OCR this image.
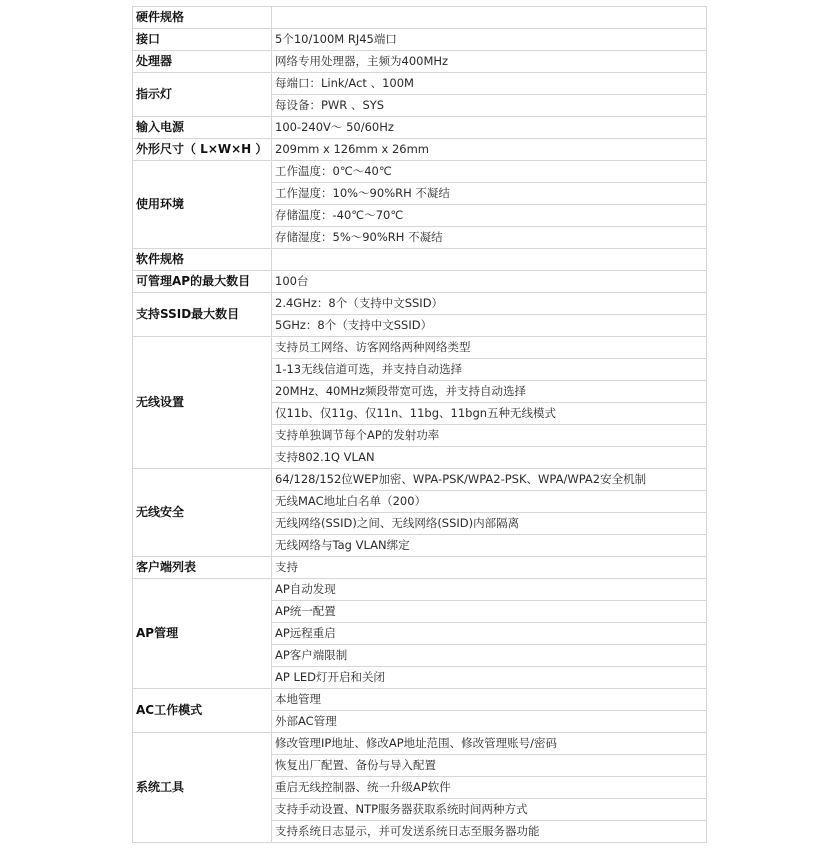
硬件规格	
接口	5个10/100M RJ45端口
处理器	网络专用处理器，主频为400MHz
指示灯	每端口：Link/Act 、100M
	每设备：PWR 、SYS
输入电源	100-240V～ 50/60Hz
外形尺寸（ L×W×H ）	209mm x 126mm x 26mm
使用环境	工作温度：0℃～40℃
	工作湿度：10%～90%RH 不凝结
	存储温度：-40℃～70℃
	存储湿度：5%～90%RH 不凝结
软件规格	
可管理AP的最大数目	100台
支持SSID最大数目	2.4GHz：8个（支持中文SSID）
	5GHz：8个（支持中文SSID）
无线设置	支持员工网络、访客网络两种网络类型
	1-13无线信道可选，并支持自动选择
	20MHz、40MHz频段带宽可选，并支持自动选择
	仅11b、仅11g、仅11n、11bg、11bgn五种无线模式
	支持单独调节每个AP的发射功率
	支持802.1Q VLAN
无线安全	64/128/152位WEP加密、WPA-PSK/WPA2-PSK、WPA/WPA2安全机制
	无线MAC地址白名单（200）
	无线网络(SSID)之间、无线网络(SSID)内部隔离
	无线网络与Tag VLAN绑定
客户端列表	支持
AP管理	AP自动发现
	AP统一配置
	AP远程重启
	AP客户端限制
	AP LED灯开启和关闭
AC工作模式	本地管理
	外部AC管理
系统工具	修改管理IP地址、修改AP地址范围、修改管理账号/密码
	恢复出厂配置、备份与导入配置
	重启无线控制器、统一升级AP软件
	支持手动设置、NTP服务器获取系统时间两种方式
	支持系统日志显示，并可发送系统日志至服务器功能
